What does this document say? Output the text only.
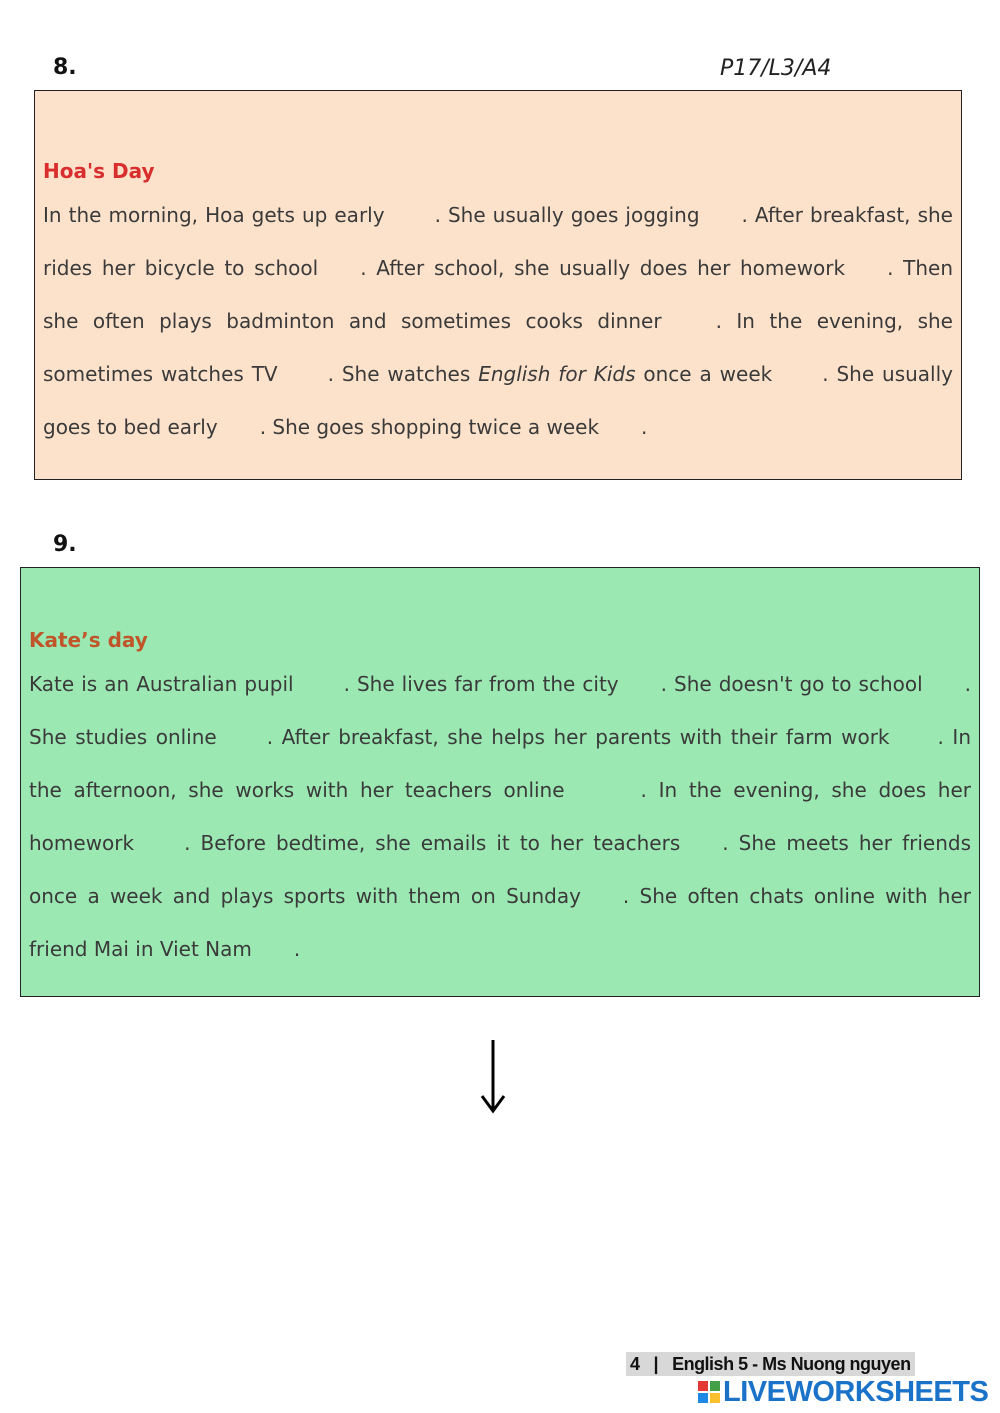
8.	P17/L3/A4
Hoa's Day

In the morning, Hoa gets up early	. She usually goes jogging . After breakfast, she rides her bicycle to school . After school, she usually does her homework . Then she often plays badminton and sometimes cooks dinner	. In the evening, she sometimes watches TV	. She watches English for Kids once a week	. She usually goes to bed early . She goes shopping twice a week .

9.
Kate’s day

Kate is an Australian pupil	. She lives far from the city . She doesn't go to school . She studies online	. After breakfast, she helps her parents with their farm work . In the afternoon, she works with her teachers online	. In the evening, she does her homework	. Before bedtime, she emails it to her teachers . She meets her friends once a week and plays sports with them on Sunday . She often chats online with her friend Mai in Viet Nam .

4 | English 5 - Ms Nuong nguyen
LIVEWORKSHEETS
